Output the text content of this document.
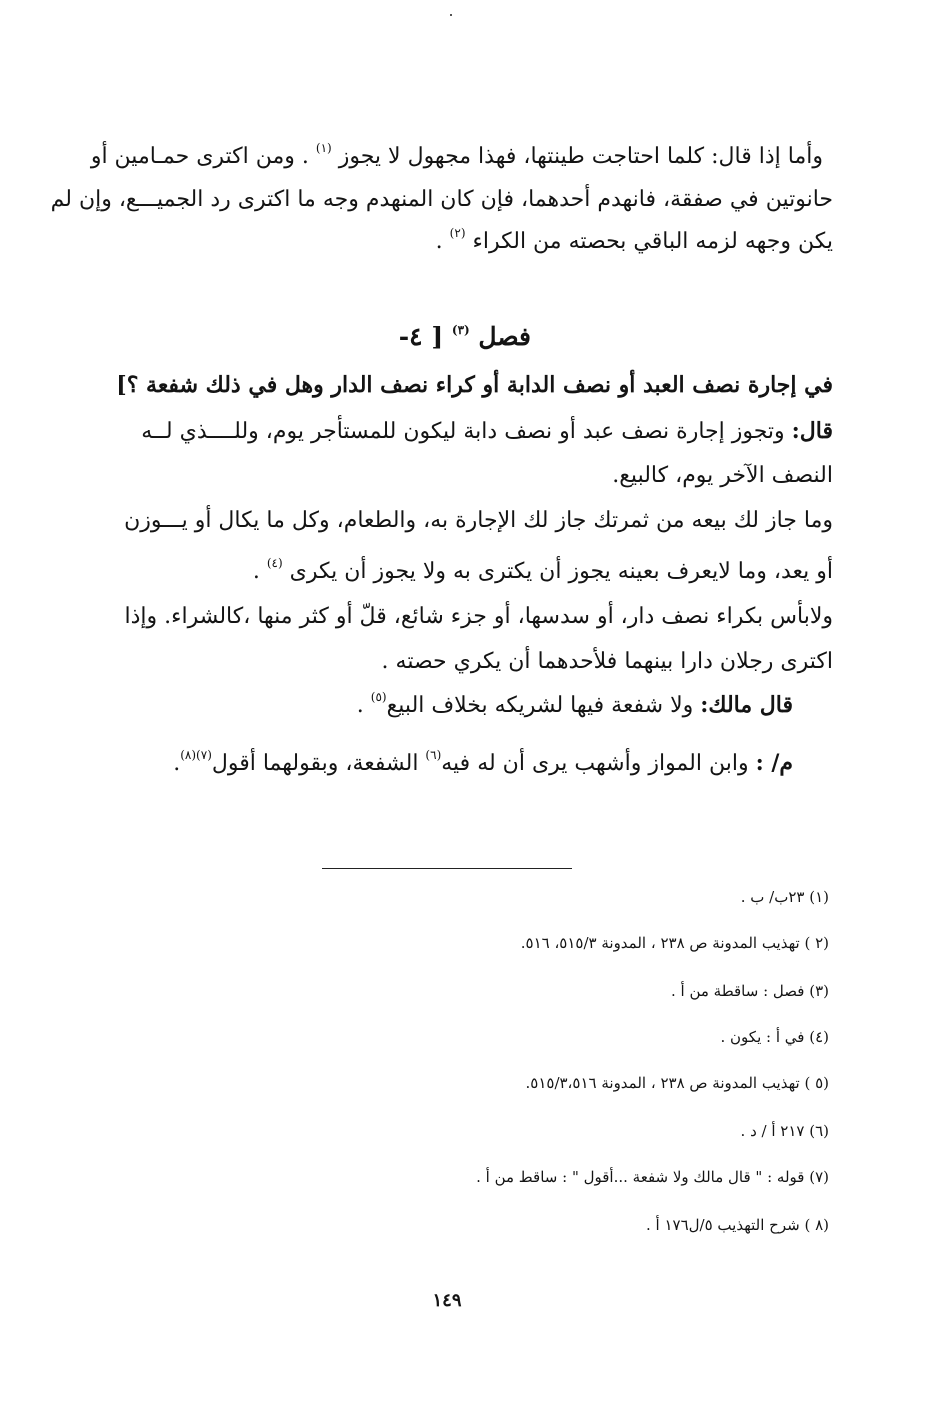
وأما إذا قال: كلما احتاجت طينتها، فهذا مجهول لا يجوز $^{(١)}$ . ومن اكترى حمـامين أو
حانوتين في صفقة، فانهدم أحدهما، فإن كان المنهدم وجه ما اكترى رد الجميـــع، وإن لم
يكن وجهه لزمه الباقي بحصته من الكراء $^{(٢)}$ .
فصل $^{(٣)}$ [ ٤-
في إجارة نصف العبد أو نصف الدابة أو كراء نصف الدار وهل في ذلك شفعة ؟]
قال: وتجوز إجارة نصف عبد أو نصف دابة ليكون للمستأجر يوم، وللــــذي لــه
النصف الآخر يوم، كالبيع.
وما جاز لك بيعه من ثمرتك جاز لك الإجارة به، والطعام، وكل ما يكال أو يـــوزن
أو يعد، وما لايعرف بعينه يجوز أن يكترى به ولا يجوز أن يكرى $^{(٤)}$ .
ولابأس بكراء نصف دار، أو سدسها، أو جزء شائع، قلّ أو كثر منها ،كالشراء. وإذا
اكترى رجلان دارا بينهما فلأحدهما أن يكري حصته .
قال مالك: ولا شفعة فيها لشريكه بخلاف البيع$^{(٥)}$ .
م/ : وابن المواز وأشهب يرى أن له فيه$^{(٦)}$ الشفعة، وبقولهما أقول$^{(٧)(٨)}$.
(١) ٢٣ب/ ب .
(٢ ) تهذيب المدونة ص ٢٣٨ ، المدونة ٥١٥/٣، ٥١٦.
(٣) فصل : ساقطة من أ .
(٤) في أ : يكون .
(٥ ) تهذيب المدونة ص ٢٣٨ ، المدونة ٥١٥/٣،٥١٦.
(٦) ٢١٧ أ / د .
(٧) قوله : " قال مالك ولا شفعة ...أقول " : ساقط من أ .
(٨ ) شرح التهذيب ٥/ل١٧٦ أ .
١٤٩
